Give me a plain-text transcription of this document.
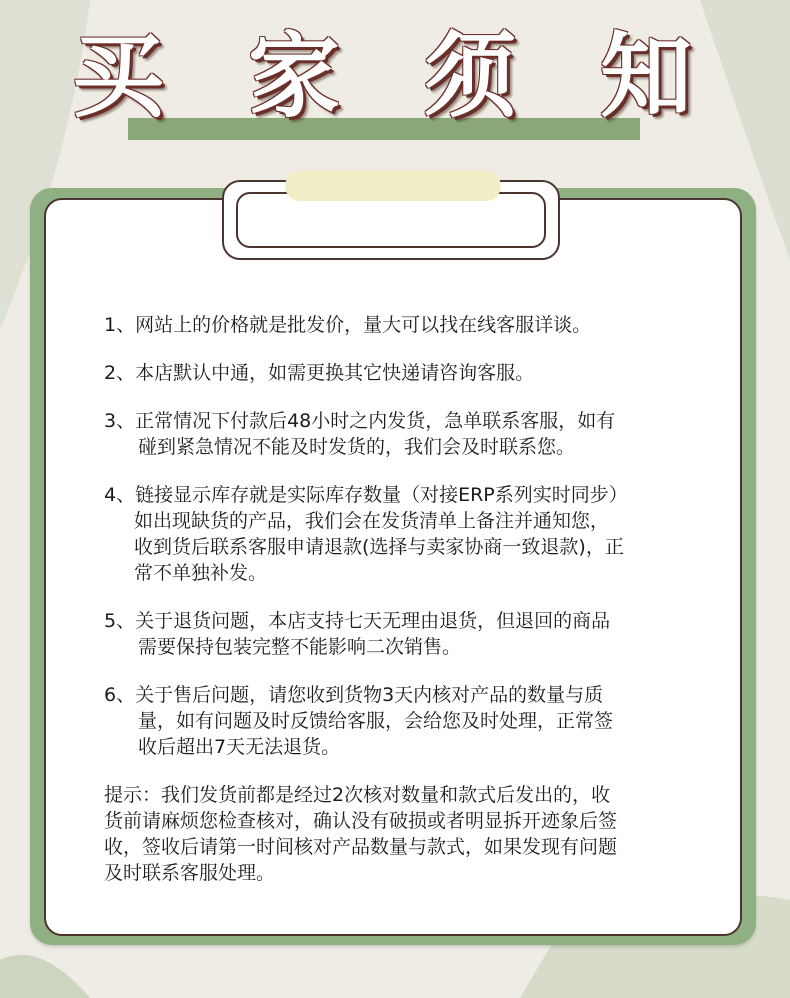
买 家 须 知
1、网站上的价格就是批发价，量大可以找在线客服详谈。
2、本店默认中通，如需更换其它快递请咨询客服。
3、正常情况下付款后48小时之内发货，急单联系客服，如有
碰到紧急情况不能及时发货的，我们会及时联系您。
4、链接显示库存就是实际库存数量（对接ERP系列实时同步）
如出现缺货的产品，我们会在发货清单上备注并通知您，
收到货后联系客服申请退款(选择与卖家协商一致退款)，正
常不单独补发。
5、关于退货问题，本店支持七天无理由退货，但退回的商品
需要保持包装完整不能影响二次销售。
6、关于售后问题，请您收到货物3天内核对产品的数量与质
量，如有问题及时反馈给客服，会给您及时处理，正常签
收后超出7天无法退货。
提示：我们发货前都是经过2次核对数量和款式后发出的，收
货前请麻烦您检查核对，确认没有破损或者明显拆开迹象后签
收，签收后请第一时间核对产品数量与款式，如果发现有问题
及时联系客服处理。
